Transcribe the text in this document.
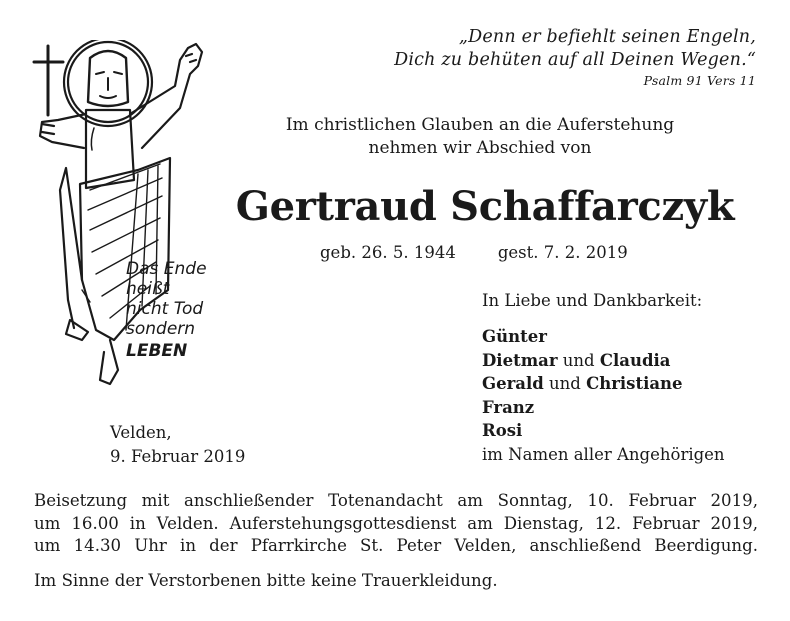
Das Ende
heißt
nicht Tod
sondern
LEBEN
„Denn er befiehlt seinen Engeln,
Dich zu behüten auf all Deinen Wegen.“
Psalm 91 Vers 11
Im christlichen Glauben an die Auferstehung
nehmen wir Abschied von
Gertraud Schaffarczyk
geb. 26. 5. 1944	gest. 7. 2. 2019
In Liebe und Dankbarkeit:
Günter
Dietmar und Claudia
Gerald und Christiane
Franz
Rosi
im Namen aller Angehörigen
Velden,
9. Februar 2019
Beisetzung mit anschließender Totenandacht am Sonntag, 10. Februar 2019,
um 16.00 in Velden. Auferstehungsgottesdienst am Dienstag, 12. Februar 2019,
um 14.30 Uhr in der Pfarrkirche St. Peter Velden, anschließend Beerdigung.
Im Sinne der Verstorbenen bitte keine Trauerkleidung.
